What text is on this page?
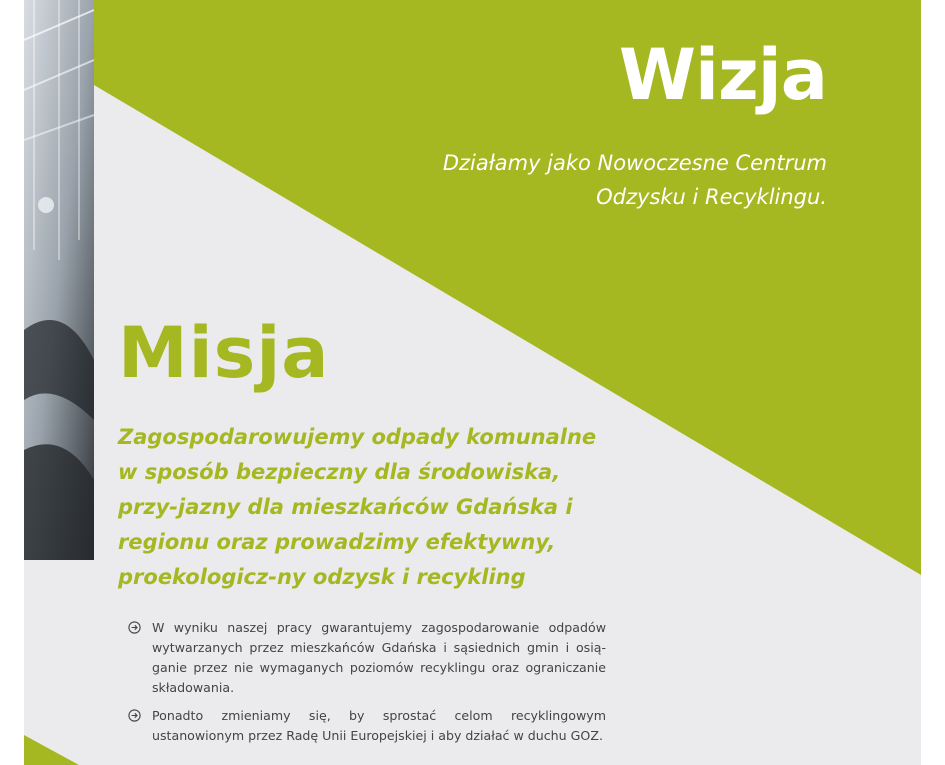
Wizja

Działamy jako Nowoczesne Centrum Odzysku i Recyklingu.

Misja

Zagospodarowujemy odpady komunalne w sposób bezpieczny dla środowiska, przy-jazny dla mieszkańców Gdańska i regionu oraz prowadzimy efektywny, proekologicz-ny odzysk i recykling

W wyniku naszej pracy gwarantujemy zagospodarowanie odpadów wytwarzanych przez mieszkańców Gdańska i sąsiednich gmin i osią-ganie przez nie wymaganych poziomów recyklingu oraz ograniczanie składowania.

Ponadto zmieniamy się, by sprostać celom recyklingowym ustanowionym przez Radę Unii Europejskiej i aby działać w duchu GOZ.
